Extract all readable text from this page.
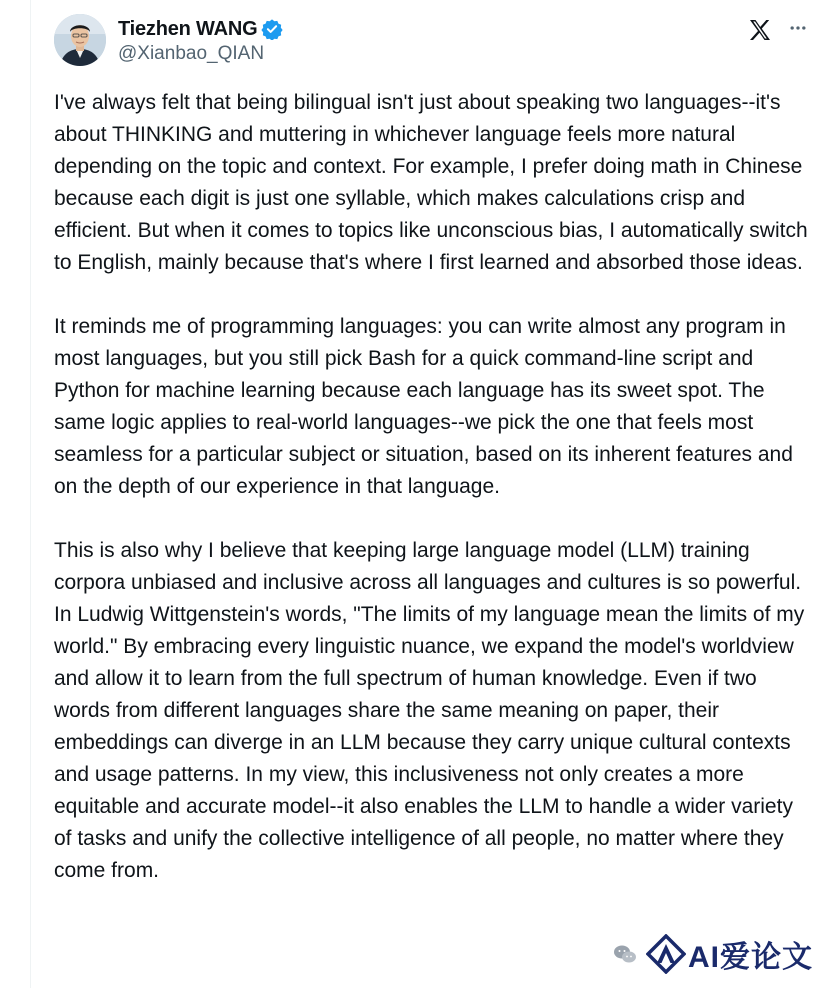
Tiezhen WANG
@Xianbao_QIAN

I've always felt that being bilingual isn't just about speaking two languages--it's about THINKING and muttering in whichever language feels more natural depending on the topic and context. For example, I prefer doing math in Chinese because each digit is just one syllable, which makes calculations crisp and efficient. But when it comes to topics like unconscious bias, I automatically switch to English, mainly because that's where I first learned and absorbed those ideas.

It reminds me of programming languages: you can write almost any program in most languages, but you still pick Bash for a quick command-line script and Python for machine learning because each language has its sweet spot. The same logic applies to real-world languages--we pick the one that feels most seamless for a particular subject or situation, based on its inherent features and on the depth of our experience in that language.

This is also why I believe that keeping large language model (LLM) training corpora unbiased and inclusive across all languages and cultures is so powerful. In Ludwig Wittgenstein's words, "The limits of my language mean the limits of my world." By embracing every linguistic nuance, we expand the model's worldview and allow it to learn from the full spectrum of human knowledge. Even if two words from different languages share the same meaning on paper, their embeddings can diverge in an LLM because they carry unique cultural contexts and usage patterns. In my view, this inclusiveness not only creates a more equitable and accurate model--it also enables the LLM to handle a wider variety of tasks and unify the collective intelligence of all people, no matter where they come from.

AI爱论文
